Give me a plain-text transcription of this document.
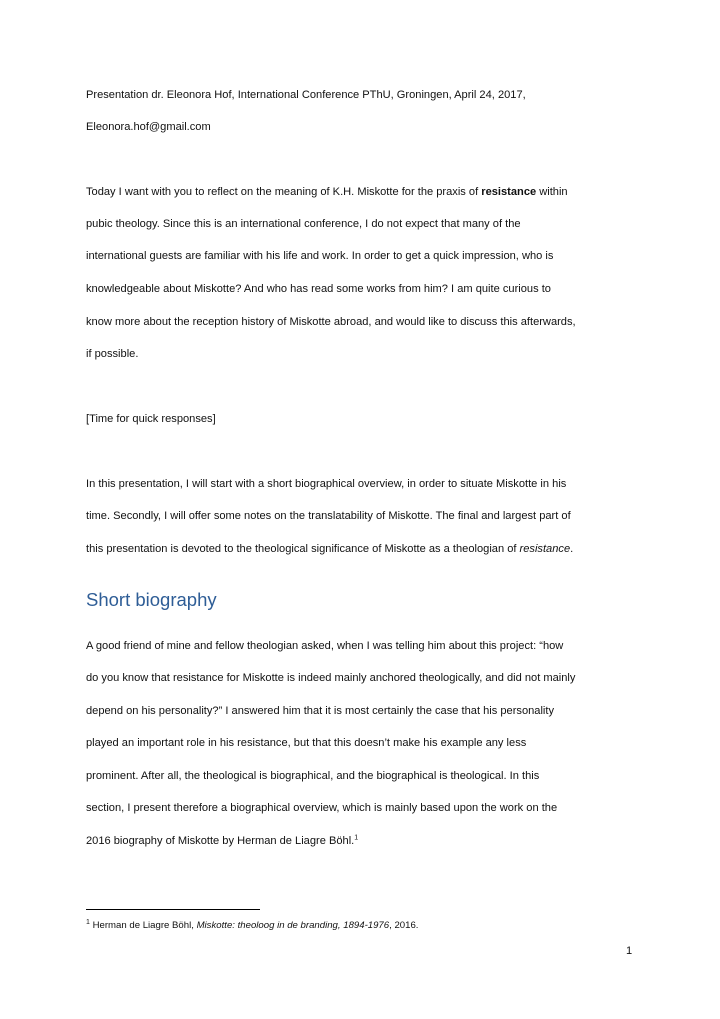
Presentation dr. Eleonora Hof, International Conference PThU, Groningen, April 24, 2017,
Eleonora.hof@gmail.com
Today I want with you to reflect on the meaning of K.H. Miskotte for the praxis of resistance within
pubic theology. Since this is an international conference, I do not expect that many of the
international guests are familiar with his life and work. In order to get a quick impression, who is
knowledgeable about Miskotte? And who has read some works from him? I am quite curious to
know more about the reception history of Miskotte abroad, and would like to discuss this afterwards,
if possible.
[Time for quick responses]
In this presentation, I will start with a short biographical overview, in order to situate Miskotte in his
time. Secondly, I will offer some notes on the translatability of Miskotte. The final and largest part of
this presentation is devoted to the theological significance of Miskotte as a theologian of resistance.
Short biography
A good friend of mine and fellow theologian asked, when I was telling him about this project: “how
do you know that resistance for Miskotte is indeed mainly anchored theologically, and did not mainly
depend on his personality?” I answered him that it is most certainly the case that his personality
played an important role in his resistance, but that this doesn’t make his example any less
prominent. After all, the theological is biographical, and the biographical is theological. In this
section, I present therefore a biographical overview, which is mainly based upon the work on the
2016 biography of Miskotte by Herman de Liagre Böhl.$^1$
$^1$ Herman de Liagre Böhl, Miskotte: theoloog in de branding, 1894-1976, 2016.
1
